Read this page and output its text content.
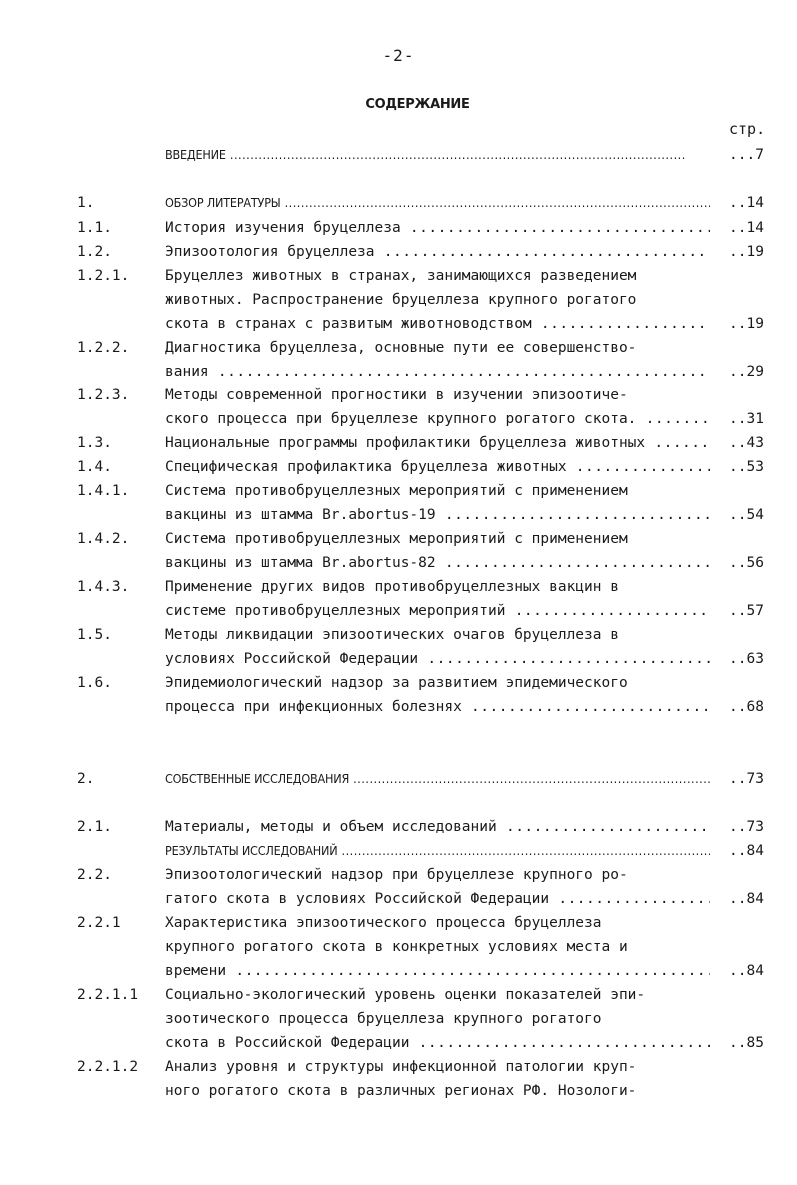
-2-
СОДЕРЖАНИЕ
стр.
ВВЕДЕНИЕ .....	...7
1.	ОБЗОР ЛИТЕРАТУРЫ .....	..14
1.1.	История изучения бруцеллеза .....	..14
1.2.	Эпизоотология бруцеллеза .....	..19
1.2.1. Бруцеллез животных в странах, занимающихся разведением
животных. Распространение бруцеллеза крупного рогатого
скота в странах с развитым животноводством .....	..19
1.2.2. Диагностика бруцеллеза, основные пути ее совершенство-
вания .....	..29
1.2.3. Методы современной прогностики в изучении эпизоотиче-
ского процесса при бруцеллезе крупного рогатого скота. .....	..31
1.3.	Национальные программы профилактики бруцеллеза животных .....	..43
1.4.	Специфическая профилактика бруцеллеза животных .....	..53
1.4.1. Система противобруцеллезных мероприятий с применением
вакцины из штамма Br.abortus-19 .....	..54
1.4.2. Система противобруцеллезных мероприятий с применением
вакцины из штамма Br.abortus-82 .....	..56
1.4.3. Применение других видов противобруцеллезных вакцин в
системе противобруцеллезных мероприятий .....	..57
1.5.	Методы ликвидации эпизоотических очагов бруцеллеза в
условиях Российской Федерации .....	..63
1.6.	Эпидемиологический надзор за развитием эпидемического
процесса при инфекционных болезнях .....	..68
2.	СОБСТВЕННЫЕ ИССЛЕДОВАНИЯ .....	..73
2.1.	Материалы, методы и объем исследований .....	..73
РЕЗУЛЬТАТЫ ИССЛЕДОВАНИЙ .....	..84
2.2.	Эпизоотологический надзор при бруцеллезе крупного ро-
гатого скота в условиях Российской Федерации .....	..84
2.2.1	Характеристика эпизоотического процесса бруцеллеза
крупного рогатого скота в конкретных условиях места и
времени .....	..84
2.2.1.1 Социально-экологический уровень оценки показателей эпи-
зоотического процесса бруцеллеза крупного рогатого
скота в Российской Федерации .....	..85
2.2.1.2 Анализ уровня и структуры инфекционной патологии круп-
ного рогатого скота в различных регионах РФ. Нозологи-
